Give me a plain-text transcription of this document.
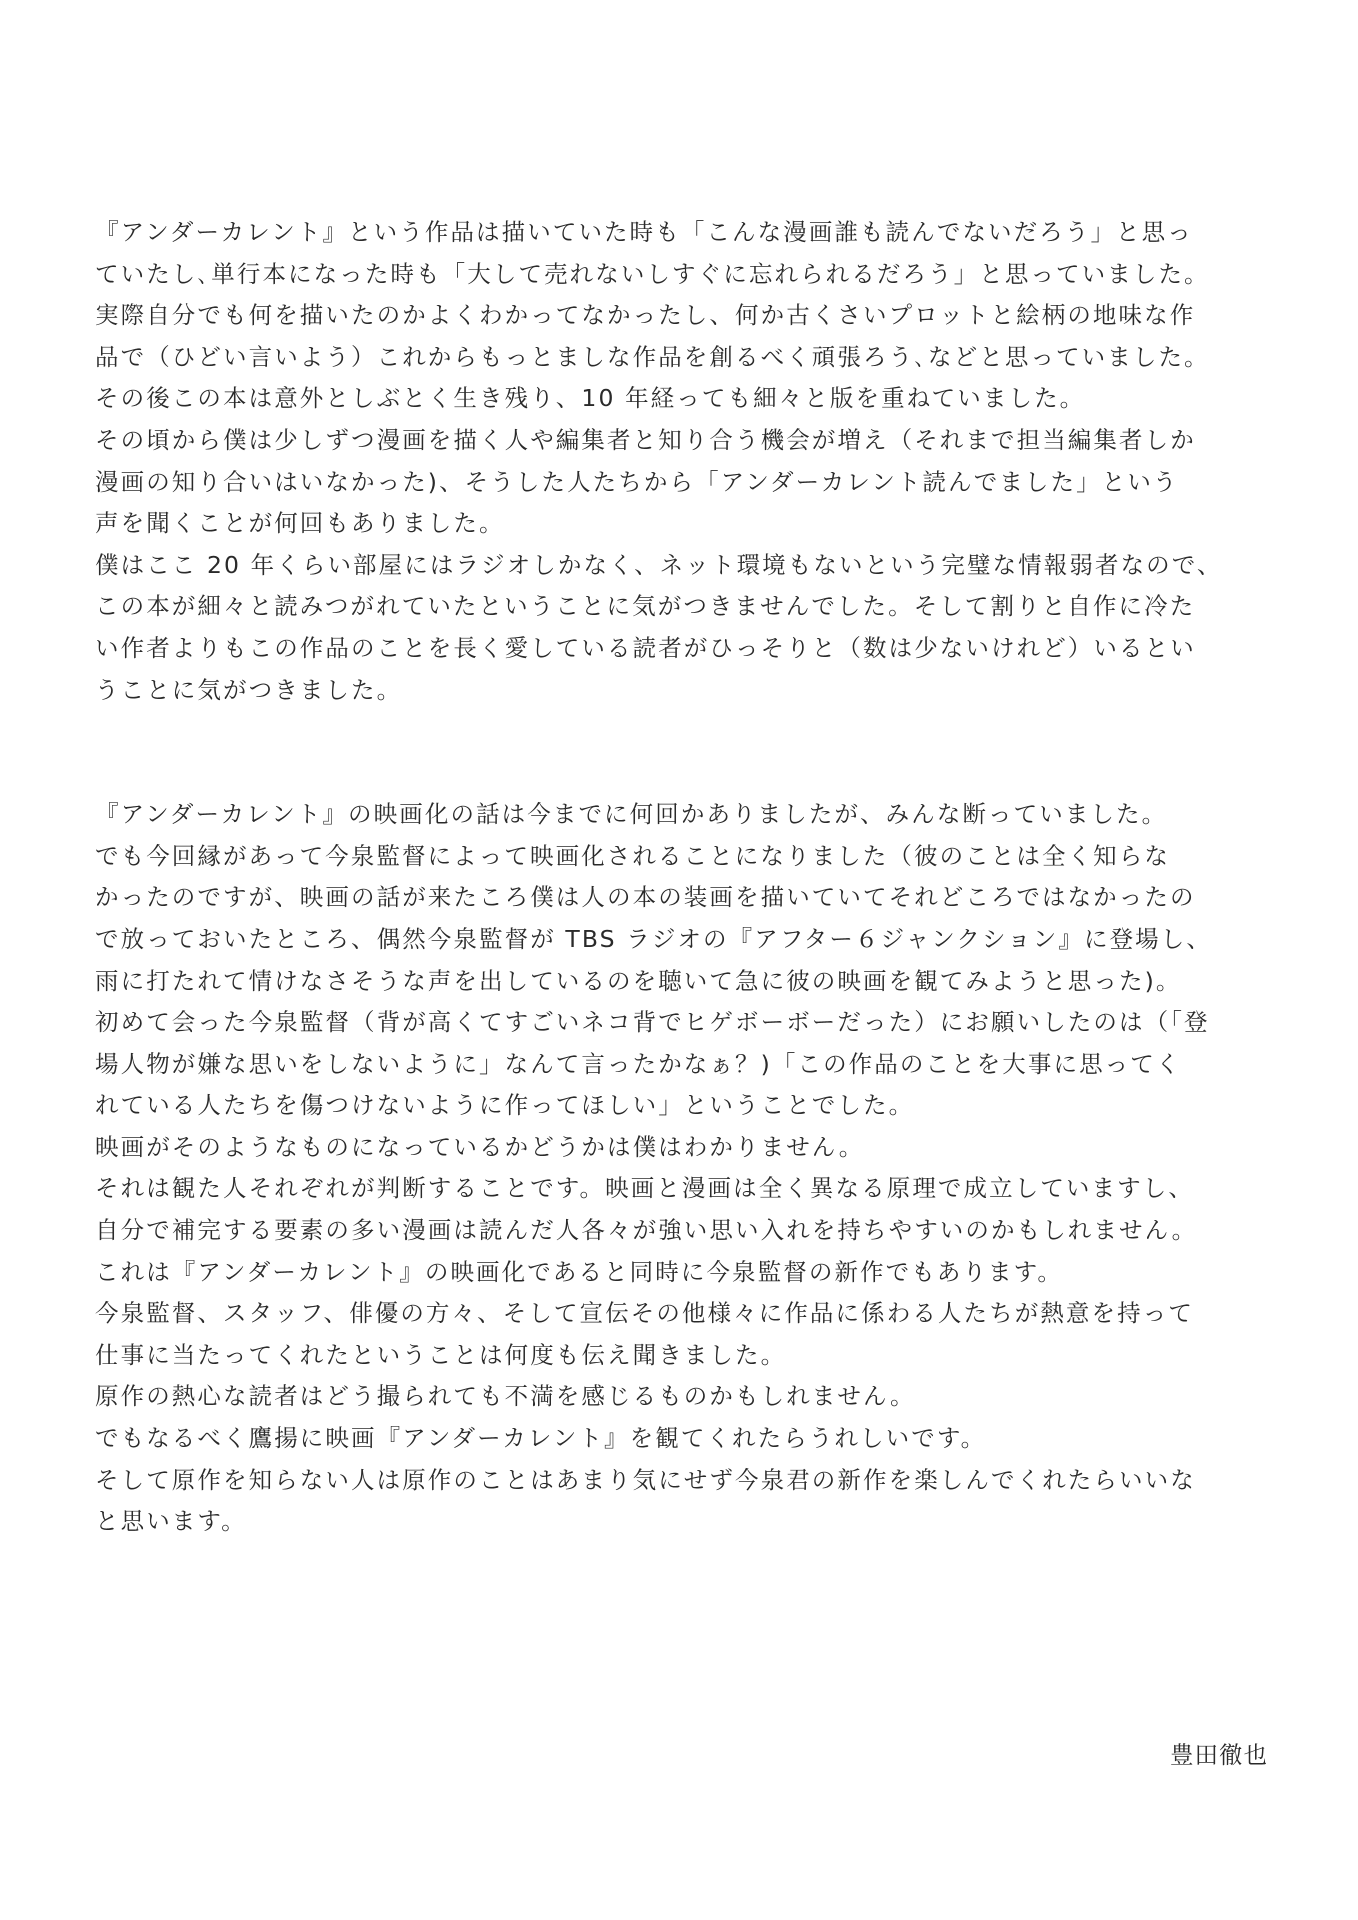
『アンダーカレント』という作品は描いていた時も「こんな漫画誰も読んでないだろう」と思っ
ていたし､単行本になった時も「大して売れないしすぐに忘れられるだろう」と思っていました。
実際自分でも何を描いたのかよくわかってなかったし、何か古くさいプロットと絵柄の地味な作
品で（ひどい言いよう）これからもっとましな作品を創るべく頑張ろう､などと思っていました。
その後この本は意外としぶとく生き残り、10 年経っても細々と版を重ねていました。
その頃から僕は少しずつ漫画を描く人や編集者と知り合う機会が増え（それまで担当編集者しか
漫画の知り合いはいなかった)、そうした人たちから「アンダーカレント読んでました」という
声を聞くことが何回もありました。
僕はここ 20 年くらい部屋にはラジオしかなく、ネット環境もないという完璧な情報弱者なので、
この本が細々と読みつがれていたということに気がつきませんでした。そして割りと自作に冷た
い作者よりもこの作品のことを長く愛している読者がひっそりと（数は少ないけれど）いるとい
うことに気がつきました。
『アンダーカレント』の映画化の話は今までに何回かありましたが、みんな断っていました。
でも今回縁があって今泉監督によって映画化されることになりました（彼のことは全く知らな
かったのですが、映画の話が来たころ僕は人の本の装画を描いていてそれどころではなかったの
で放っておいたところ、偶然今泉監督が TBS ラジオの『アフター６ジャンクション』に登場し、
雨に打たれて情けなさそうな声を出しているのを聴いて急に彼の映画を観てみようと思った)。
初めて会った今泉監督（背が高くてすごいネコ背でヒゲボーボーだった）にお願いしたのは（｢登
場人物が嫌な思いをしないように」なんて言ったかなぁ？)「この作品のことを大事に思ってく
れている人たちを傷つけないように作ってほしい」ということでした。
映画がそのようなものになっているかどうかは僕はわかりません。
それは観た人それぞれが判断することです。映画と漫画は全く異なる原理で成立していますし、
自分で補完する要素の多い漫画は読んだ人各々が強い思い入れを持ちやすいのかもしれません。
これは『アンダーカレント』の映画化であると同時に今泉監督の新作でもあります。
今泉監督、スタッフ、俳優の方々、そして宣伝その他様々に作品に係わる人たちが熱意を持って
仕事に当たってくれたということは何度も伝え聞きました。
原作の熱心な読者はどう撮られても不満を感じるものかもしれません。
でもなるべく鷹揚に映画『アンダーカレント』を観てくれたらうれしいです。
そして原作を知らない人は原作のことはあまり気にせず今泉君の新作を楽しんでくれたらいいな
と思います。
豊田徹也
